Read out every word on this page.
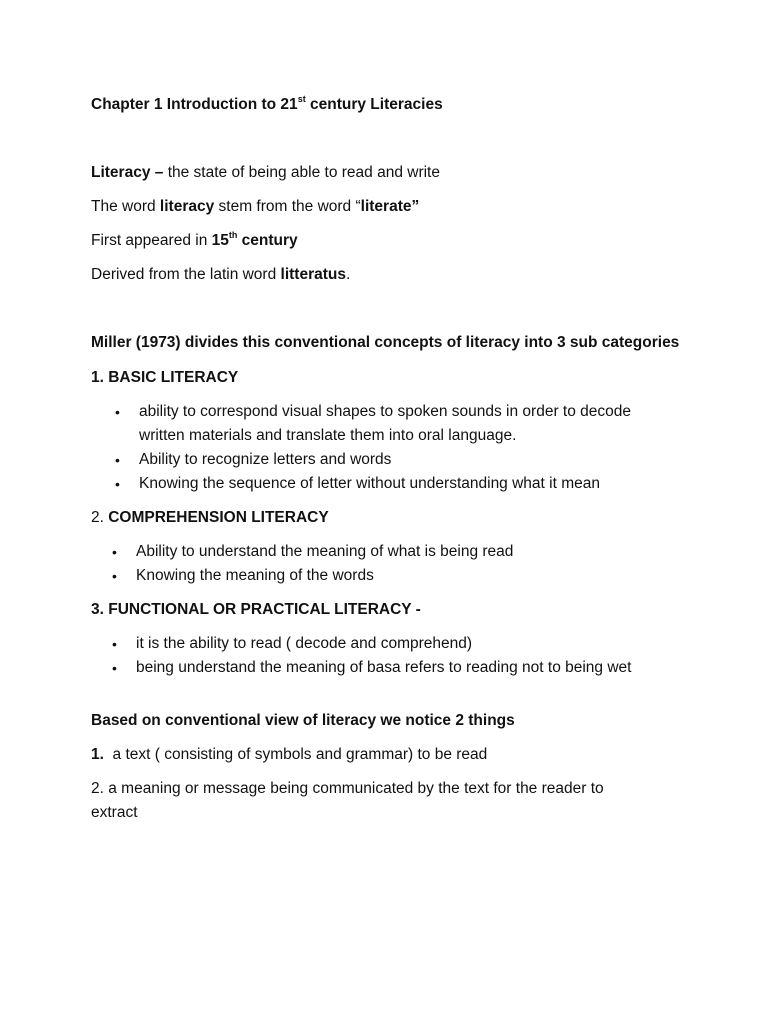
Chapter 1 Introduction to 21st century Literacies

Literacy – the state of being able to read and write

The word literacy stem from the word “literate”

First appeared in 15th century

Derived from the latin word litteratus.

Miller (1973) divides this conventional concepts of literacy into 3 sub categories

1. BASIC LITERACY

• ability to correspond visual shapes to spoken sounds in order to decode written materials and translate them into oral language.
• Ability to recognize letters and words
• Knowing the sequence of letter without understanding what it mean

2. COMPREHENSION LITERACY

• Ability to understand the meaning of what is being read
• Knowing the meaning of the words

3. FUNCTIONAL OR PRACTICAL LITERACY -

• it is the ability to read ( decode and comprehend)
• being understand the meaning of basa refers to reading not to being wet

Based on conventional view of literacy we notice 2 things

1.  a text ( consisting of symbols and grammar) to be read

2. a meaning or message being communicated by the text for the reader to extract
